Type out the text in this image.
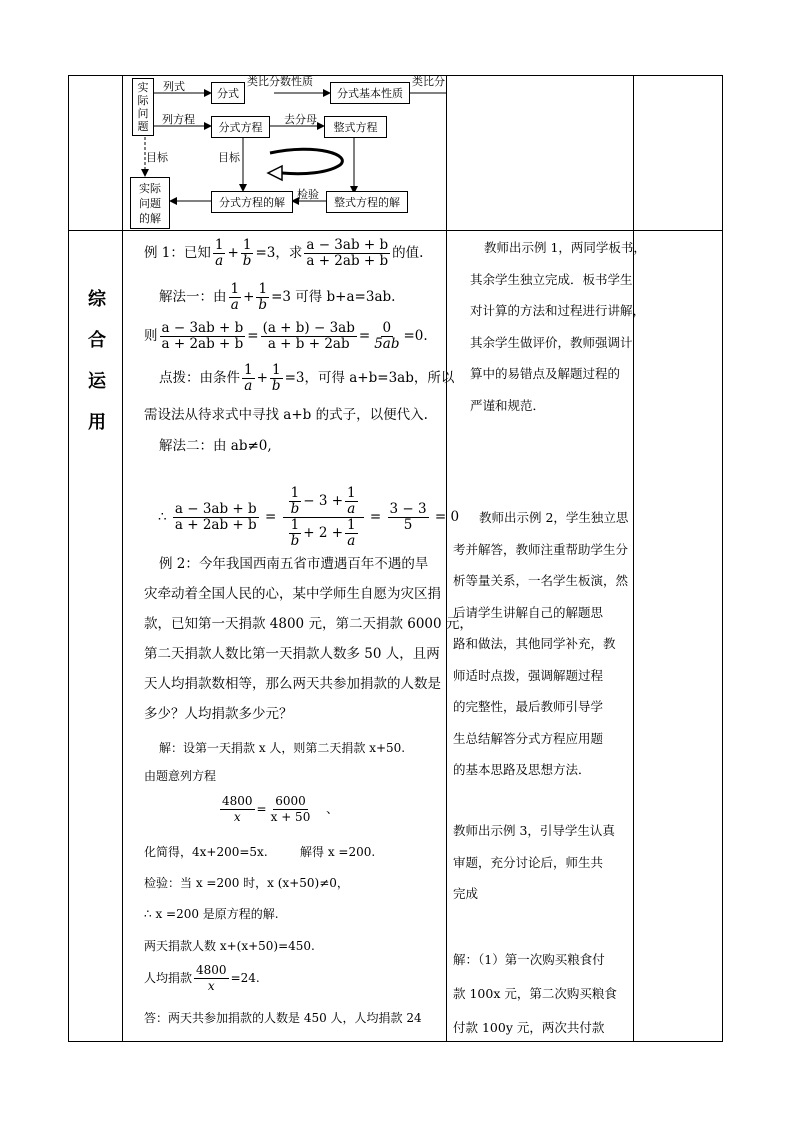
综
合
运
用
实
际
问
题
分式	分式基本性质
分式方程	整式方程
实际
问题
的解
分式方程的解	整式方程的解
列式	类比分数性质	类比分
列方程	去分母
目标	目标
检验
例 1：已知 $\frac{1}{a} + \frac{1}{b} =3$，求 $\frac{a - 3ab + b}{a + 2ab + b}$ 的值.
解法一：由 $\frac{1}{a} + \frac{1}{b} =3$ 可得 b+a=3ab.
则 $\frac{a - 3ab + b}{a + 2ab + b} = \frac{(a + b) - 3ab}{a + b + 2ab} = \frac{0}{5ab} =0$.
点拨：由条件 $\frac{1}{a} + \frac{1}{b} =3$，可得 a+b=3ab，所以
需设法从待求式中寻找 a+b 的式子，以便代入.
解法二：由 ab≠0,
∴ $\frac{a - 3ab + b}{a + 2ab + b} = \frac{\frac{1}{b} - 3 + \frac{1}{a}}{\frac{1}{b} + 2 + \frac{1}{a}} = \frac{3 - 3}{5} = 0$
例 2：今年我国西南五省市遭遇百年不遇的旱
灾牵动着全国人民的心，某中学师生自愿为灾区捐
款，已知第一天捐款 4800 元，第二天捐款 6000 元，
第二天捐款人数比第一天捐款人数多 50 人，且两
天人均捐款数相等，那么两天共参加捐款的人数是
多少？人均捐款多少元？
解：设第一天捐款 x 人，则第二天捐款 x+50.
由题意列方程
$\frac{4800}{x} = \frac{6000}{x + 50}$ 、
化简得，4x+200=5x.	解得 x =200.
检验：当 x =200 时，x (x+50)≠0，
∴ x =200 是原方程的解.
两天捐款人数 x+(x+50)=450.
人均捐款 $\frac{4800}{x} =24$.
答：两天共参加捐款的人数是 450 人，人均捐款 24
教师出示例 1，两同学板书，
其余学生独立完成．板书学生
对计算的方法和过程进行讲解，
其余学生做评价，教师强调计
算中的易错点及解题过程的
严谨和规范．
教师出示例 2，学生独立思
考并解答，教师注重帮助学生分
析等量关系，一名学生板演，然
后请学生讲解自己的解题思
路和做法，其他同学补充，教
师适时点拨，强调解题过程
的完整性，最后教师引导学
生总结解答分式方程应用题
的基本思路及思想方法．
教师出示例 3，引导学生认真
审题，充分讨论后，师生共
完成
解：（1）第一次购买粮食付
款 100x 元，第二次购买粮食
付款 100y 元，两次共付款
